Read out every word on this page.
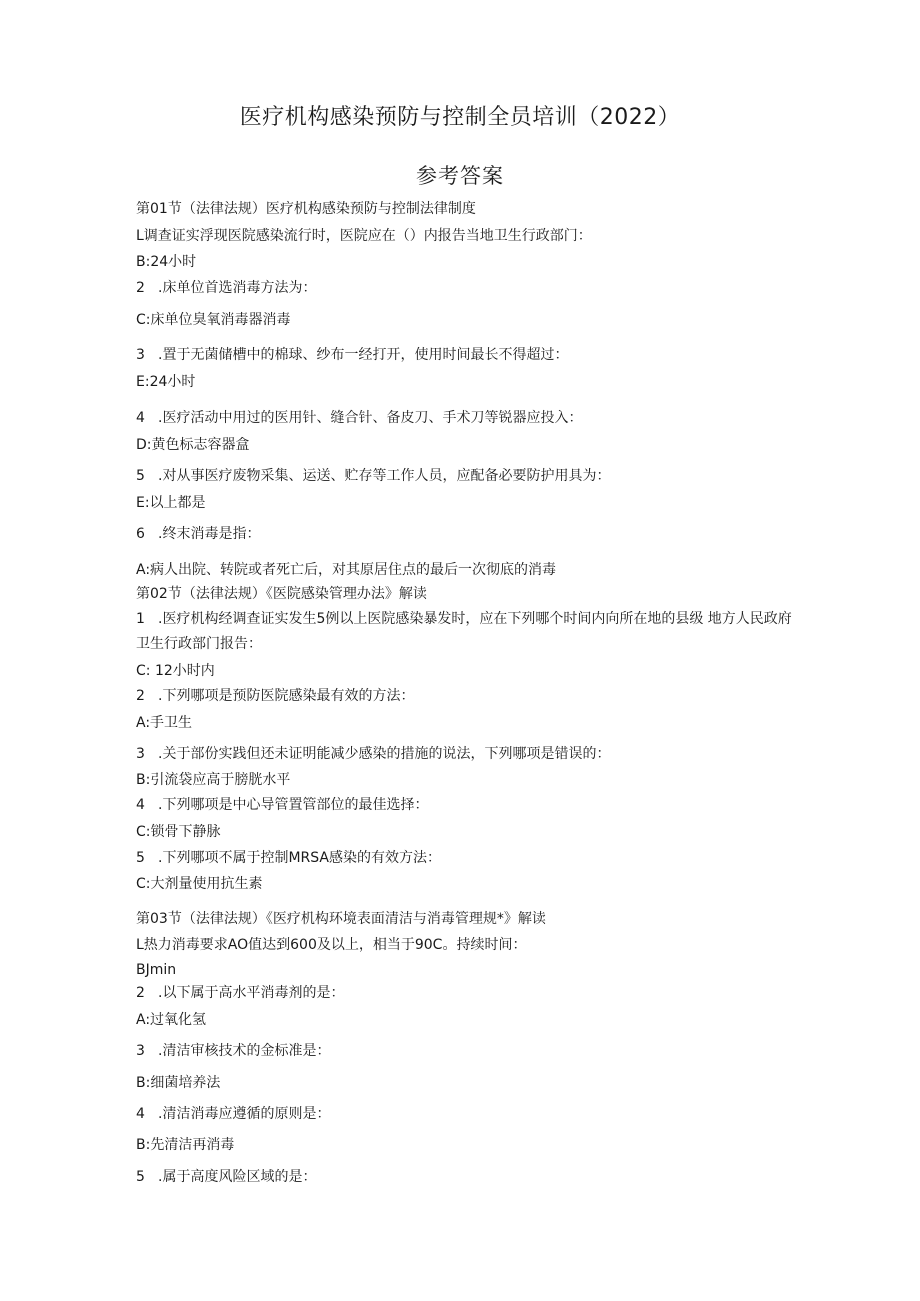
医疗机构感染预防与控制全员培训（2022）
参考答案
第01节（法律法规）医疗机构感染预防与控制法律制度
L调查证实浮现医院感染流行时，医院应在（）内报告当地卫生行政部门：
B:24小时
2 .床单位首选消毒方法为：
C:床单位臭氧消毒器消毒
3 .置于无菌储槽中的棉球、纱布一经打开，使用时间最长不得超过：
E:24小时
4 .医疗活动中用过的医用针、缝合针、备皮刀、手术刀等锐器应投入：
D:黄色标志容器盒
5 .对从事医疗废物采集、运送、贮存等工作人员，应配备必要防护用具为：
E:以上都是
6 .终末消毒是指：
A:病人出院、转院或者死亡后，对其原居住点的最后一次彻底的消毒
第02节（法律法规）《医院感染管理办法》解读
1 .医疗机构经调查证实发生5例以上医院感染暴发时，应在下列哪个时间内向所在地的县级 地方人民政府卫生行政部门报告：
C: 12小时内
2 .下列哪项是预防医院感染最有效的方法：
A:手卫生
3 .关于部份实践但还未证明能减少感染的措施的说法，下列哪项是错误的：
B:引流袋应高于膀胱水平
4 .下列哪项是中心导管置管部位的最佳选择：
C:锁骨下静脉
5 .下列哪项不属于控制MRSA感染的有效方法：
C:大剂量使用抗生素
第03节（法律法规）《医疗机构环境表面清洁与消毒管理规*》解读
L热力消毒要求AO值达到600及以上，相当于90C。持续时间：
BJmin
2 .以下属于高水平消毒剂的是：
A:过氧化氢
3 .清洁审核技术的金标准是：
B:细菌培养法
4 .清洁消毒应遵循的原则是：
B:先清洁再消毒
5 .属于高度风险区域的是：
